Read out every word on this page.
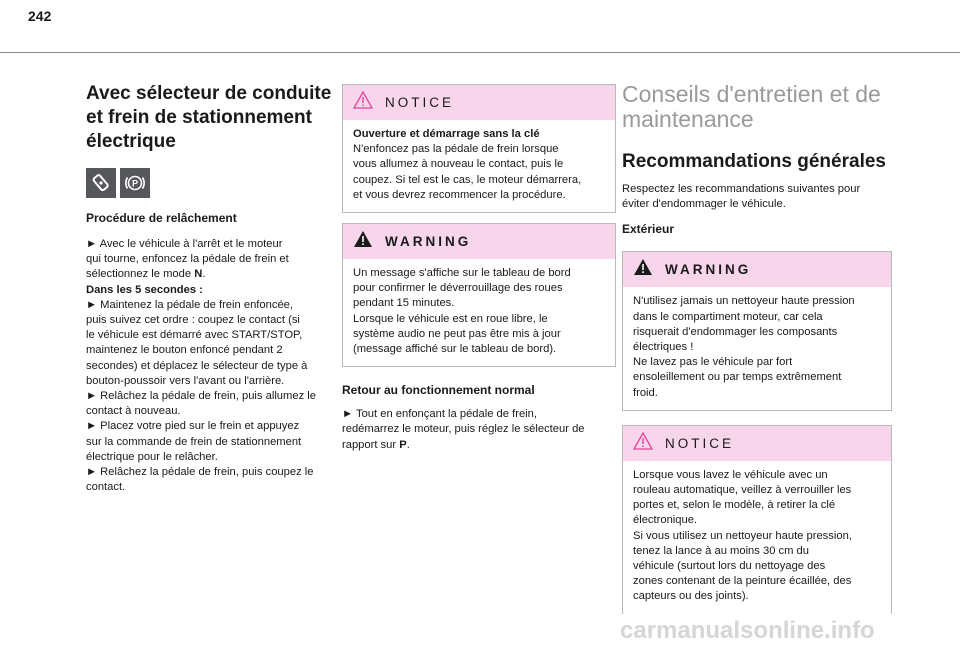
242
Avec sélecteur de conduite et frein de stationnement électrique
P
Procédure de relâchement
► Avec le véhicule à l'arrêt et le moteur
qui tourne, enfoncez la pédale de frein et
sélectionnez le mode N.
Dans les 5 secondes :
► Maintenez la pédale de frein enfoncée,
puis suivez cet ordre : coupez le contact (si
le véhicule est démarré avec START/STOP,
maintenez le bouton enfoncé pendant 2
secondes) et déplacez le sélecteur de type à
bouton-poussoir vers l'avant ou l'arrière.
► Relâchez la pédale de frein, puis allumez le
contact à nouveau.
► Placez votre pied sur le frein et appuyez
sur la commande de frein de stationnement
électrique pour le relâcher.
► Relâchez la pédale de frein, puis coupez le
contact.
NOTICE
Ouverture et démarrage sans la clé
N'enfoncez pas la pédale de frein lorsque
vous allumez à nouveau le contact, puis le
coupez. Si tel est le cas, le moteur démarrera,
et vous devrez recommencer la procédure.
WARNING
Un message s'affiche sur le tableau de bord
pour confirmer le déverrouillage des roues
pendant 15 minutes.
Lorsque le véhicule est en roue libre, le
système audio ne peut pas être mis à jour
(message affiché sur le tableau de bord).
Retour au fonctionnement normal
► Tout en enfonçant la pédale de frein,
redémarrez le moteur, puis réglez le sélecteur de
rapport sur P.
Conseils d'entretien et de maintenance
Recommandations générales
Respectez les recommandations suivantes pour
éviter d'endommager le véhicule.
Extérieur
WARNING
N'utilisez jamais un nettoyeur haute pression
dans le compartiment moteur, car cela
risquerait d'endommager les composants
électriques !
Ne lavez pas le véhicule par fort
ensoleillement ou par temps extrêmement
froid.
NOTICE
Lorsque vous lavez le véhicule avec un
rouleau automatique, veillez à verrouiller les
portes et, selon le modèle, à retirer la clé
électronique.
Si vous utilisez un nettoyeur haute pression,
tenez la lance à au moins 30 cm du
véhicule (surtout lors du nettoyage des
zones contenant de la peinture écaillée, des
capteurs ou des joints).
carmanualsonline.info
